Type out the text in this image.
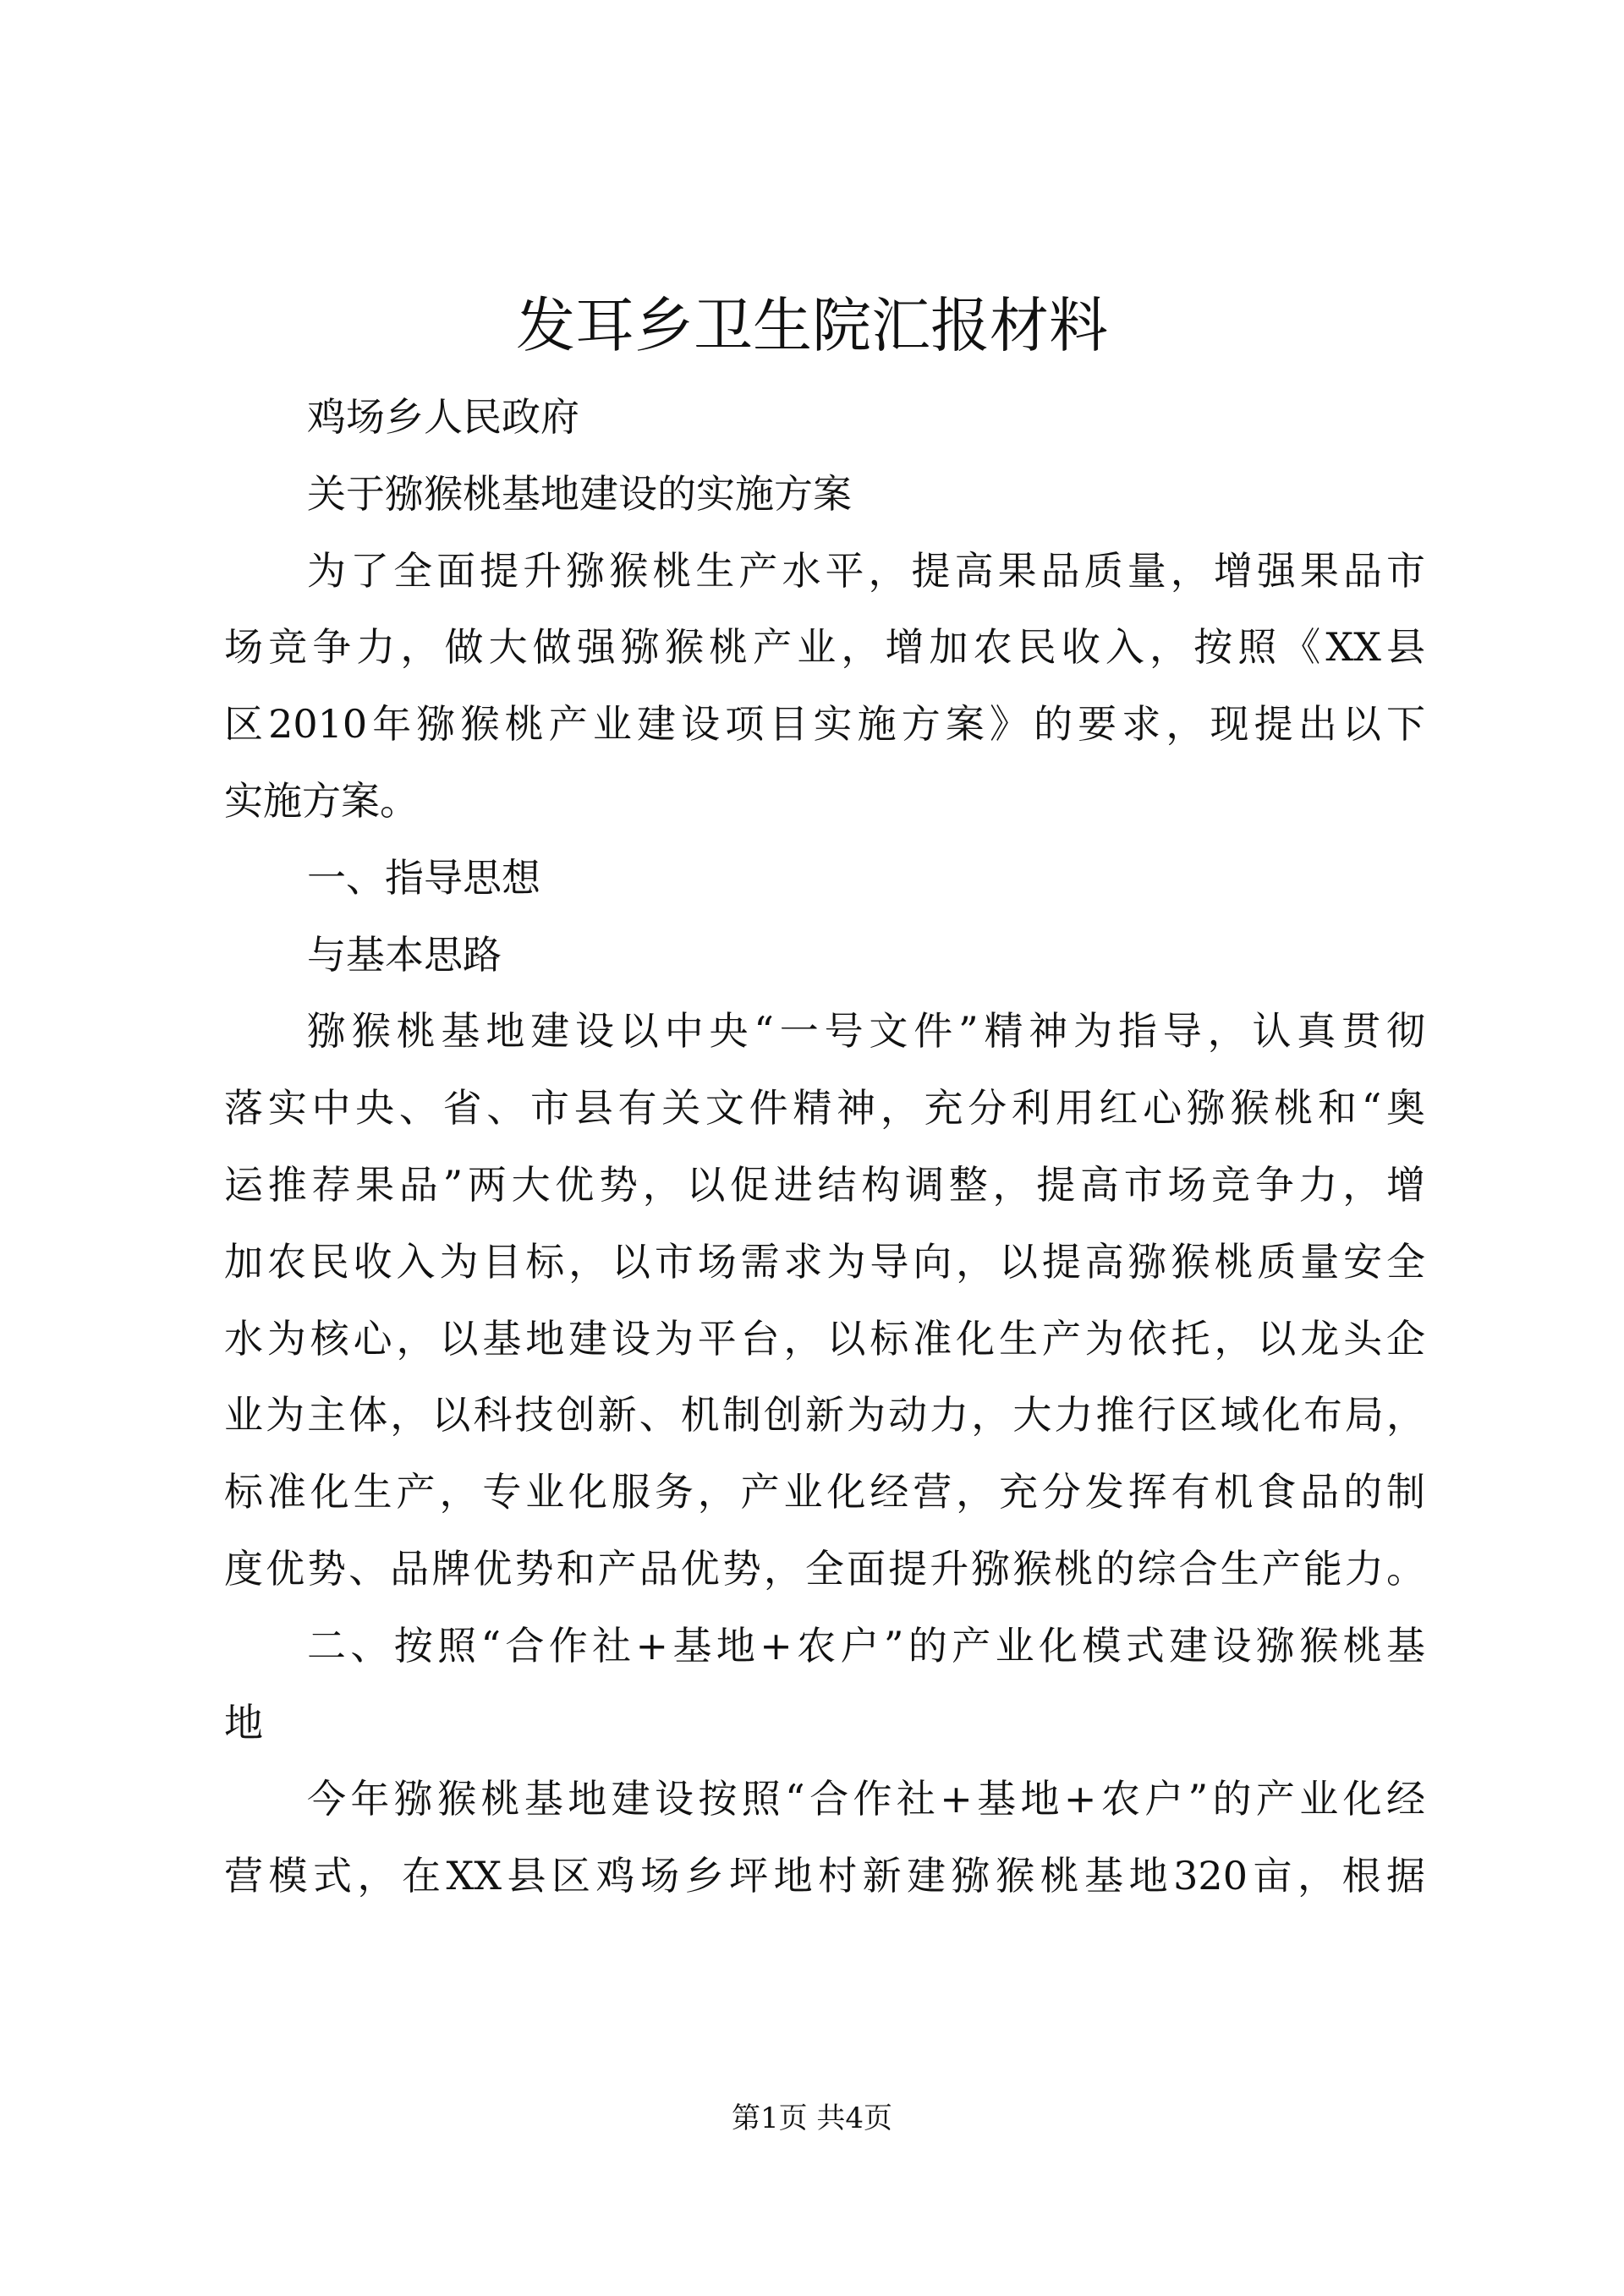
发耳乡卫生院汇报材料
鸡场乡人民政府
关于猕猴桃基地建设的实施方案
为了全面提升猕猴桃生产水平，提高果品质量，增强果品市
场竞争力，做大做强猕猴桃产业，增加农民收入，按照《XX县
区2010年猕猴桃产业建设项目实施方案》的要求，现提出以下
实施方案。
一、指导思想
与基本思路
猕猴桃基地建设以中央“一号文件”精神为指导，认真贯彻
落实中央、省、市县有关文件精神，充分利用红心猕猴桃和“奥
运推荐果品”两大优势，以促进结构调整，提高市场竞争力，增
加农民收入为目标，以市场需求为导向，以提高猕猴桃质量安全
水为核心，以基地建设为平台，以标准化生产为依托，以龙头企
业为主体，以科技创新、机制创新为动力，大力推行区域化布局，
标准化生产，专业化服务，产业化经营，充分发挥有机食品的制
度优势、品牌优势和产品优势，全面提升猕猴桃的综合生产能力。
二、按照“合作社+基地+农户”的产业化模式建设猕猴桃基
地
今年猕猴桃基地建设按照“合作社+基地+农户”的产业化经
营模式，在XX县区鸡场乡坪地村新建猕猴桃基地320亩，根据
第1页 共4页
